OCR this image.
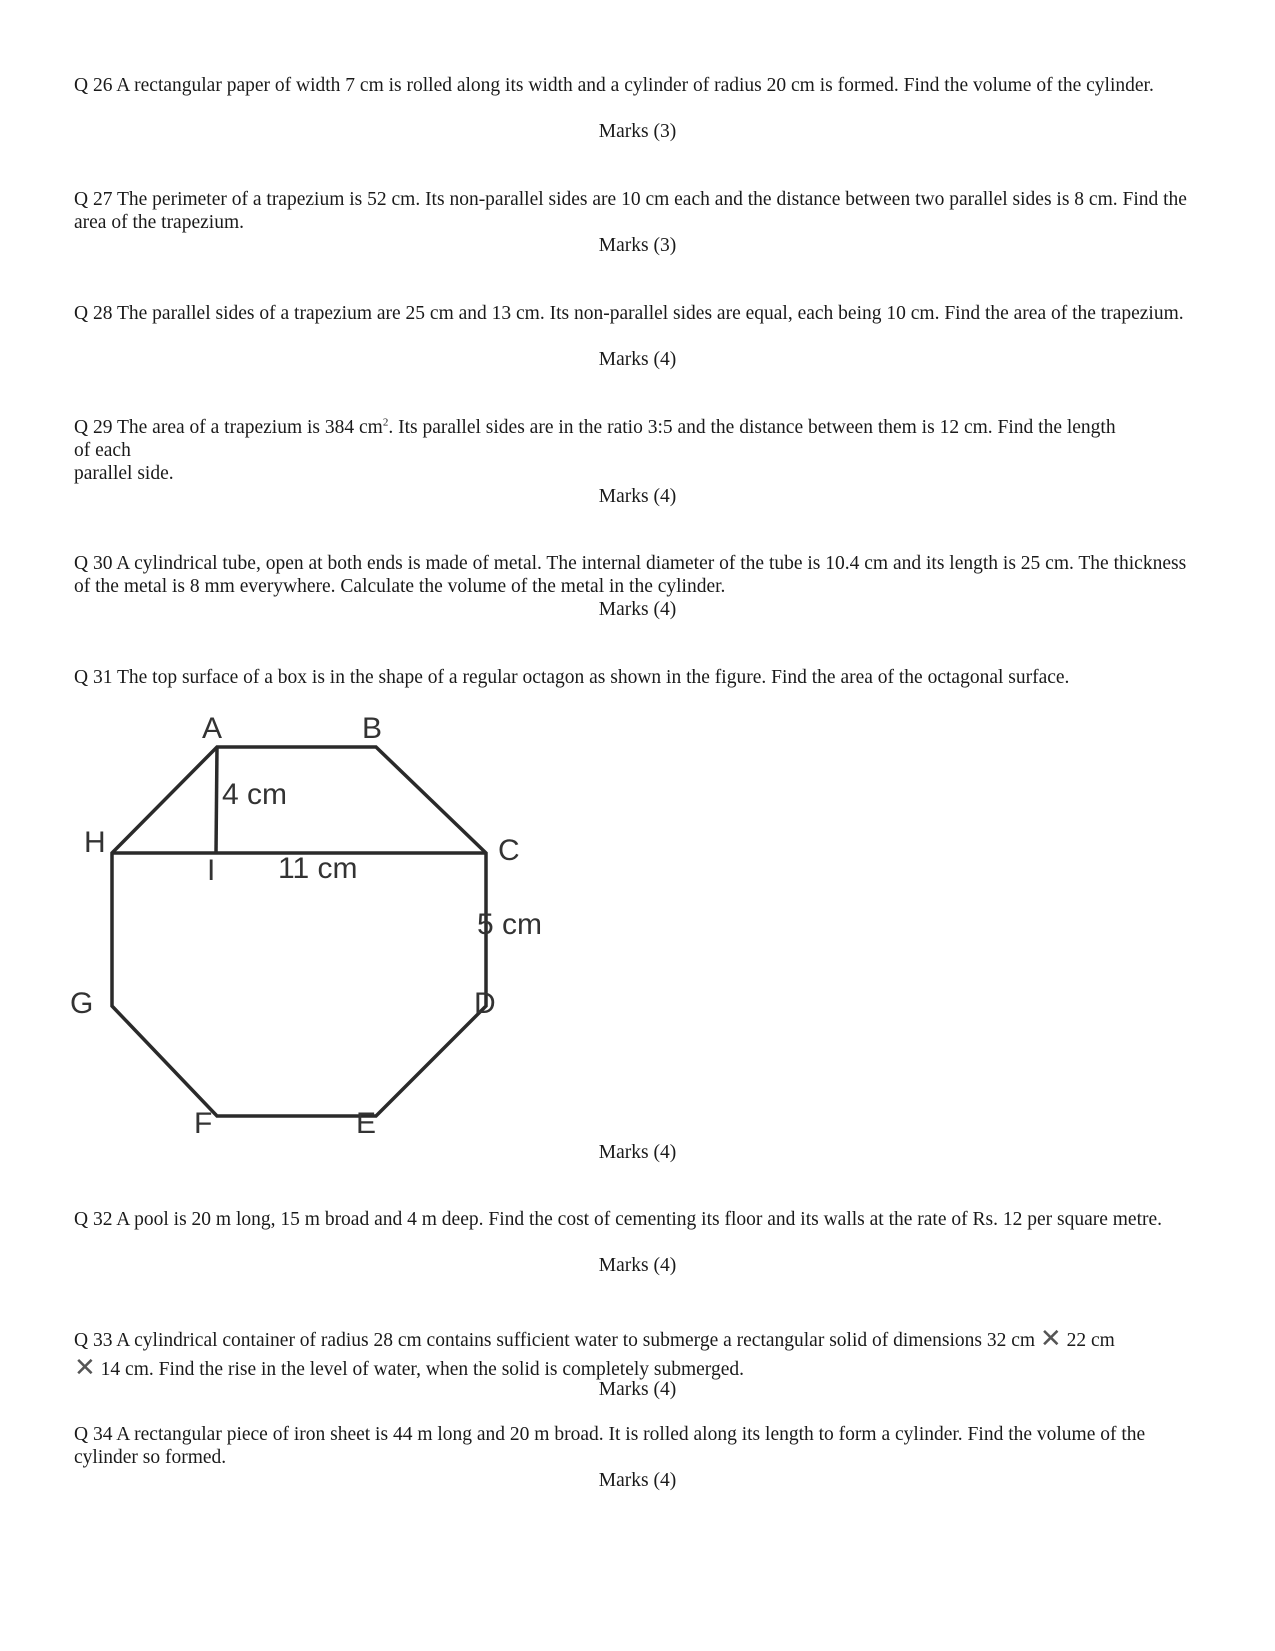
Q 26 A rectangular paper of width 7 cm is rolled along its width and a cylinder of radius 20 cm is formed. Find the volume of the cylinder.
Marks (3)
Q 27 The perimeter of a trapezium is 52 cm. Its non-parallel sides are 10 cm each and the distance between two parallel sides is 8 cm. Find the area of the trapezium.
Marks (3)
Q 28 The parallel sides of a trapezium are 25 cm and 13 cm. Its non-parallel sides are equal, each being 10 cm. Find the area of the trapezium.
Marks (4)
Q 29 The area of a trapezium is 384 $cm^2$. Its parallel sides are in the ratio 3:5 and the distance between them is 12 cm. Find the length
of each
parallel side.
Marks (4)
Q 30 A cylindrical tube, open at both ends is made of metal. The internal diameter of the tube is 10.4 cm and its length is 25 cm. The thickness of the metal is 8 mm everywhere. Calculate the volume of the metal in the cylinder.
Marks (4)
Q 31 The top surface of a box is in the shape of a regular octagon as shown in the figure. Find the area of the octagonal surface.
A	B
C
D
E
F
G
H
I
4 cm
11 cm
5 cm
Marks (4)
Q 32 A pool is 20 m long, 15 m broad and 4 m deep. Find the cost of cementing its floor and its walls at the rate of Rs. 12 per square metre.
Marks (4)
Q 33 A cylindrical container of radius 28 cm contains sufficient water to submerge a rectangular solid of dimensions 32 cm ✕ 22 cm
✕ 14 cm. Find the rise in the level of water, when the solid is completely submerged.
Marks (4)
Q 34 A rectangular piece of iron sheet is 44 m long and 20 m broad. It is rolled along its length to form a cylinder. Find the volume of the cylinder so formed.
Marks (4)
